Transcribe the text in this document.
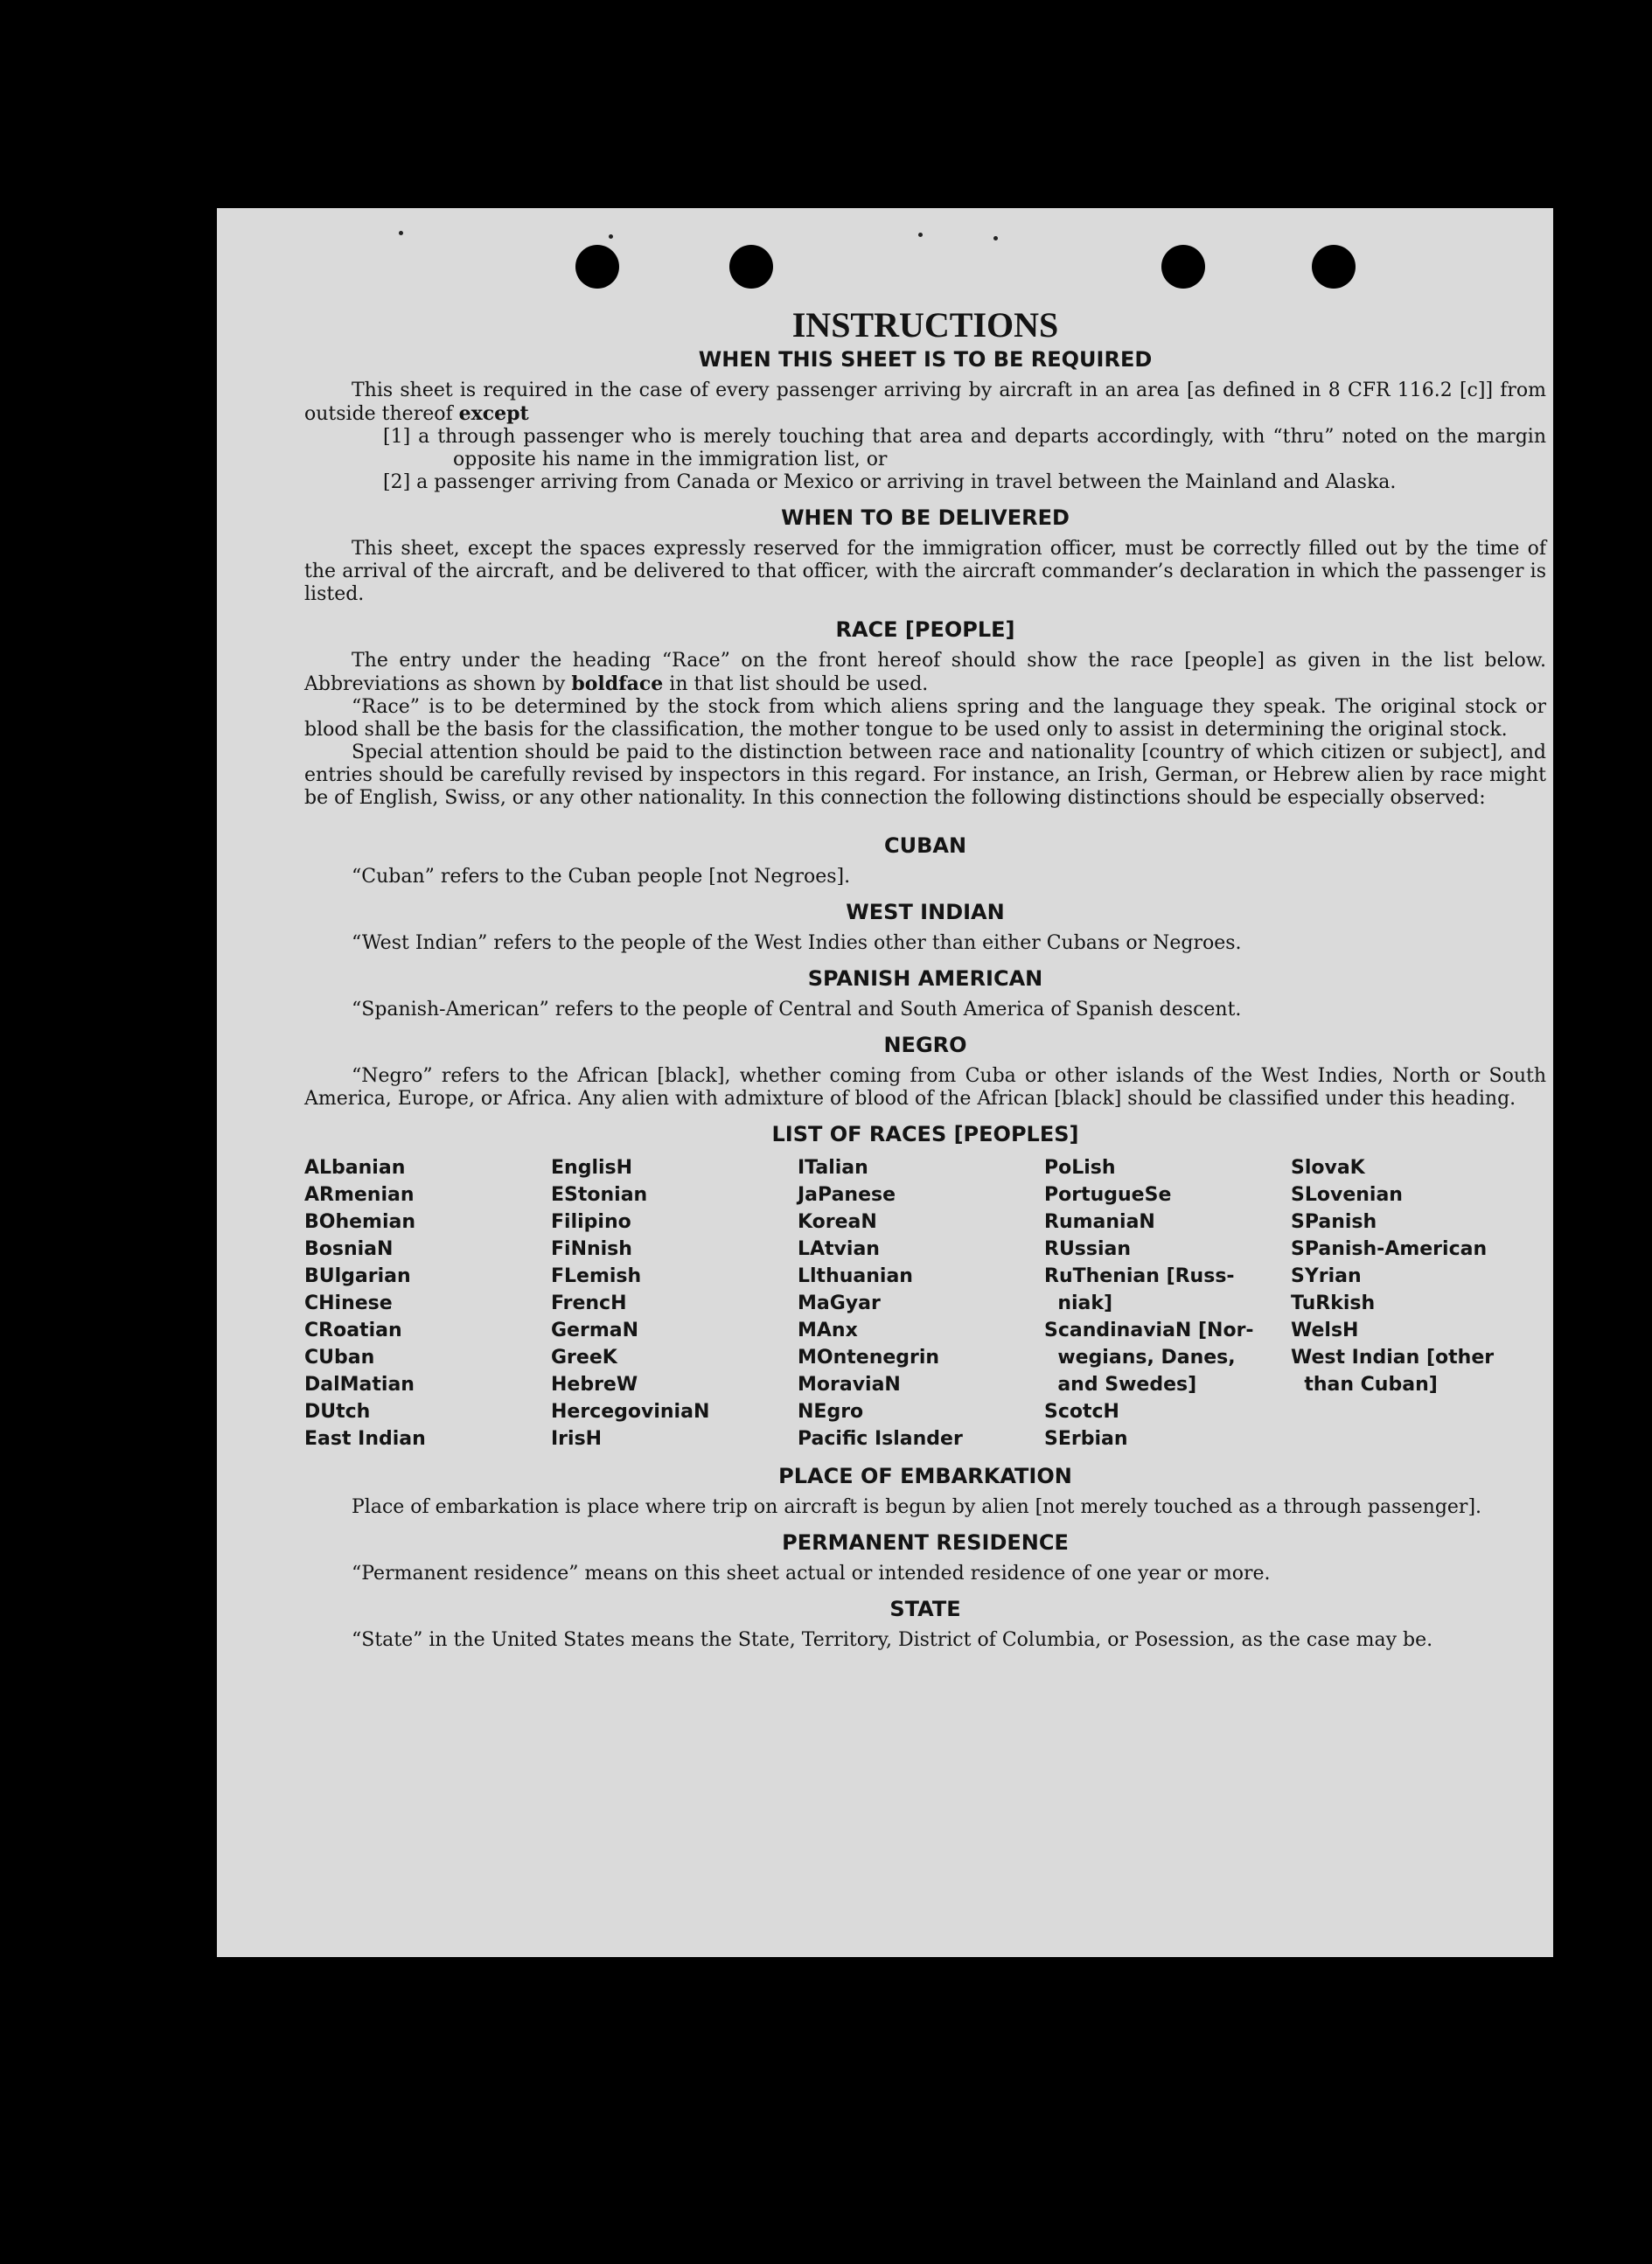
INSTRUCTIONS
WHEN THIS SHEET IS TO BE REQUIRED

This sheet is required in the case of every passenger arriving by aircraft in an area [as defined in 8 CFR 116.2 [c]] from outside thereof except

[1] a through passenger who is merely touching that area and departs accordingly, with “thru” noted on the margin opposite his name in the immigration list, or

[2] a passenger arriving from Canada or Mexico or arriving in travel between the Mainland and Alaska.

WHEN TO BE DELIVERED

This sheet, except the spaces expressly reserved for the immigration officer, must be correctly filled out by the time of the arrival of the aircraft, and be delivered to that officer, with the aircraft commander’s declaration in which the passenger is listed.

RACE [PEOPLE]

The entry under the heading “Race” on the front hereof should show the race [people] as given in the list below. Abbreviations as shown by boldface in that list should be used.

“Race” is to be determined by the stock from which aliens spring and the language they speak. The original stock or blood shall be the basis for the classification, the mother tongue to be used only to assist in determining the original stock.

Special attention should be paid to the distinction between race and nationality [country of which citizen or subject], and entries should be carefully revised by inspectors in this regard. For instance, an Irish, German, or Hebrew alien by race might be of English, Swiss, or any other nationality. In this connection the following distinctions should be especially observed:

CUBAN

“Cuban” refers to the Cuban people [not Negroes].

WEST INDIAN

“West Indian” refers to the people of the West Indies other than either Cubans or Negroes.

SPANISH AMERICAN

“Spanish-American” refers to the people of Central and South America of Spanish descent.

NEGRO

“Negro” refers to the African [black], whether coming from Cuba or other islands of the West Indies, North or South America, Europe, or Africa. Any alien with admixture of blood of the African [black] should be classified under this heading.

LIST OF RACES [PEOPLES]
ALbanian
ARmenian
BOhemian
BosniaN
BUlgarian
CHinese
CRoatian
CUban
DalMatian
DUtch
East Indian
EnglisH
EStonian
Filipino
FiNnish
FLemish
FrencH
GermaN
GreeK
HebreW
HercegoviniaN
IrisH
ITalian
JaPanese
KoreaN
LAtvian
Llthuanian
MaGyar
MAnx
MOntenegrin
MoraviaN
NEgro
Pacific Islander
PoLish
PortugueSe
RumaniaN
RUssian
RuThenian [Russ-
niak]
ScandinaviaN [Nor-
wegians, Danes,
and Swedes]
ScotcH
SErbian
SlovaK
SLovenian
SPanish
SPanish-American
SYrian
TuRkish
WelsH
West Indian [other
than Cuban]
PLACE OF EMBARKATION

Place of embarkation is place where trip on aircraft is begun by alien [not merely touched as a through passenger].

PERMANENT RESIDENCE

“Permanent residence” means on this sheet actual or intended residence of one year or more.

STATE

“State” in the United States means the State, Territory, District of Columbia, or Posession, as the case may be.
